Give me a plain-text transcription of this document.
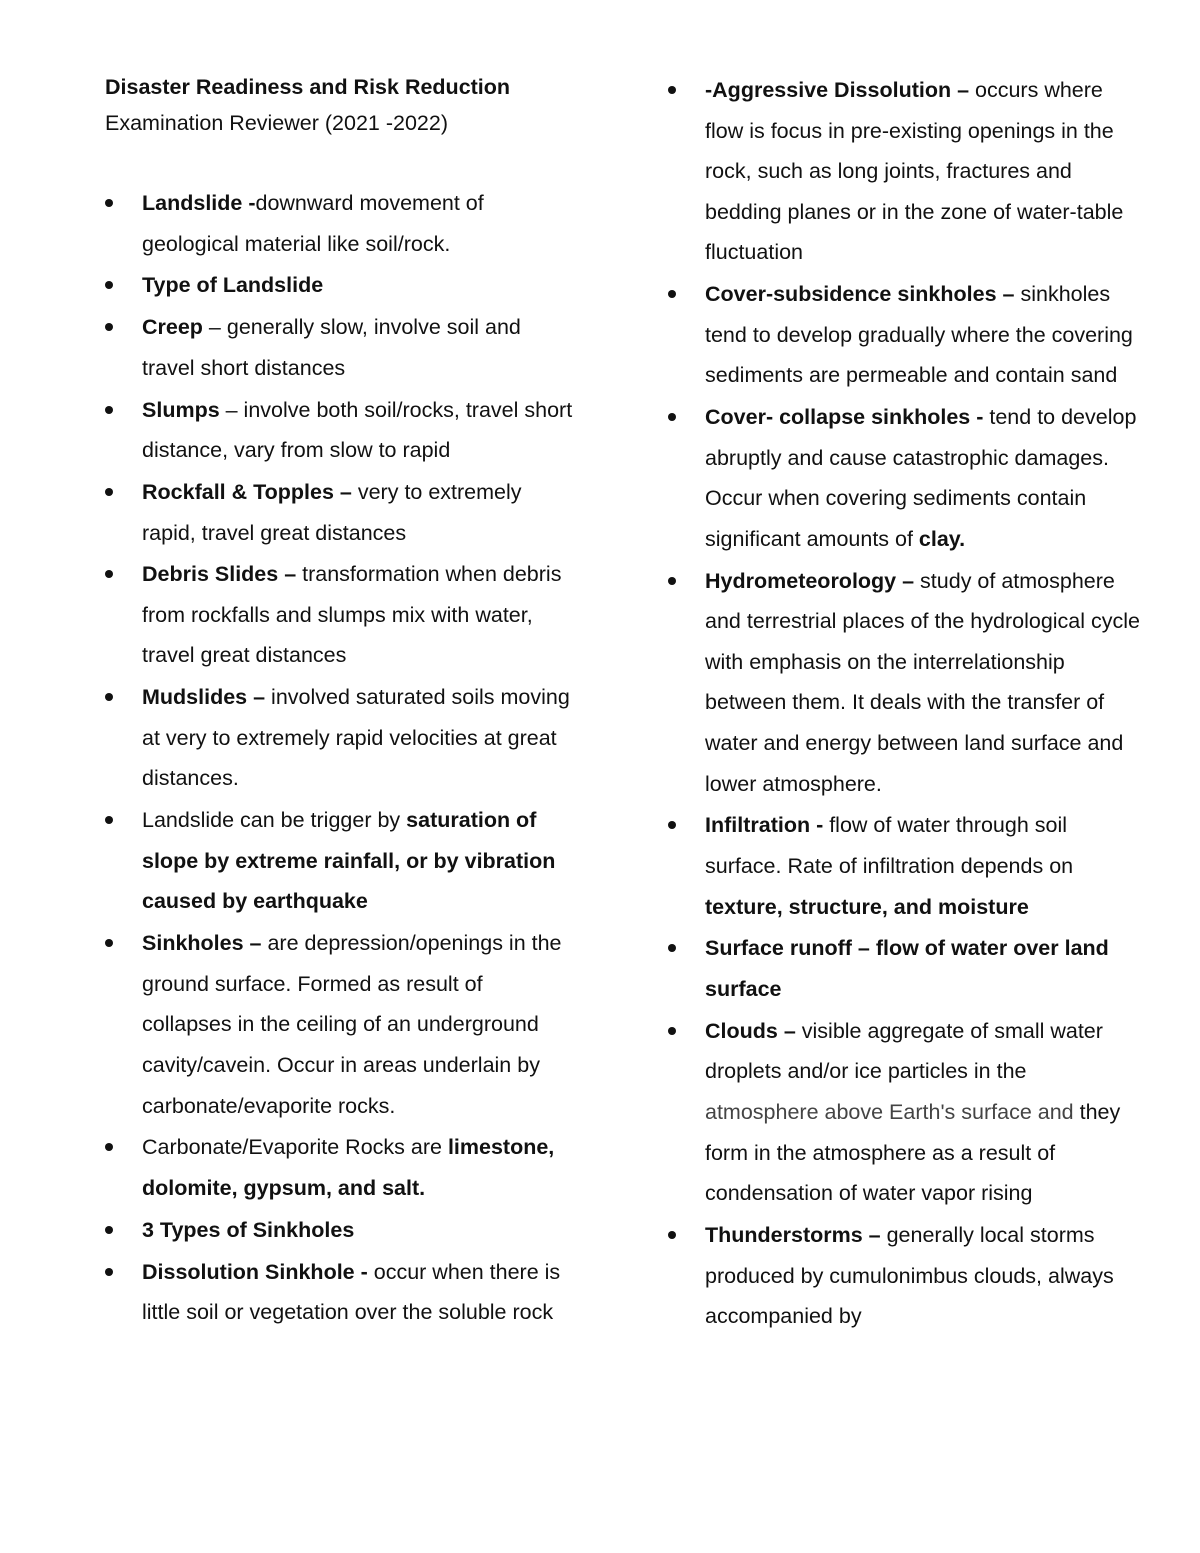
Disaster Readiness and Risk Reduction

Examination Reviewer (2021 -2022)

Landslide -downward movement of geological material like soil/rock.
Type of Landslide
Creep – generally slow, involve soil and travel short distances
Slumps – involve both soil/rocks, travel short distance, vary from slow to rapid
Rockfall & Topples – very to extremely rapid, travel great distances
Debris Slides – transformation when debris from rockfalls and slumps mix with water, travel great distances
Mudslides – involved saturated soils moving at very to extremely rapid velocities at great distances.
Landslide can be trigger by saturation of slope by extreme rainfall, or by vibration caused by earthquake
Sinkholes – are depression/openings in the ground surface. Formed as result of collapses in the ceiling of an underground cavity/cavein. Occur in areas underlain by carbonate/evaporite rocks.
Carbonate/Evaporite Rocks are limestone, dolomite, gypsum, and salt.
3 Types of Sinkholes
Dissolution Sinkhole - occur when there is little soil or vegetation over the soluble rock
-Aggressive Dissolution – occurs where flow is focus in pre-existing openings in the rock, such as long joints, fractures and bedding planes or in the zone of water-table fluctuation
Cover-subsidence sinkholes – sinkholes tend to develop gradually where the covering sediments are permeable and contain sand
Cover- collapse sinkholes - tend to develop abruptly and cause catastrophic damages. Occur when covering sediments contain significant amounts of clay.
Hydrometeorology – study of atmosphere and terrestrial places of the hydrological cycle with emphasis on the interrelationship between them. It deals with the transfer of water and energy between land surface and lower atmosphere.
Infiltration - flow of water through soil surface. Rate of infiltration depends on texture, structure, and moisture
Surface runoff – flow of water over land surface
Clouds – visible aggregate of small water droplets and/or ice particles in the atmosphere above Earth's surface and they form in the atmosphere as a result of condensation of water vapor rising
Thunderstorms – generally local storms produced by cumulonimbus clouds, always accompanied by
